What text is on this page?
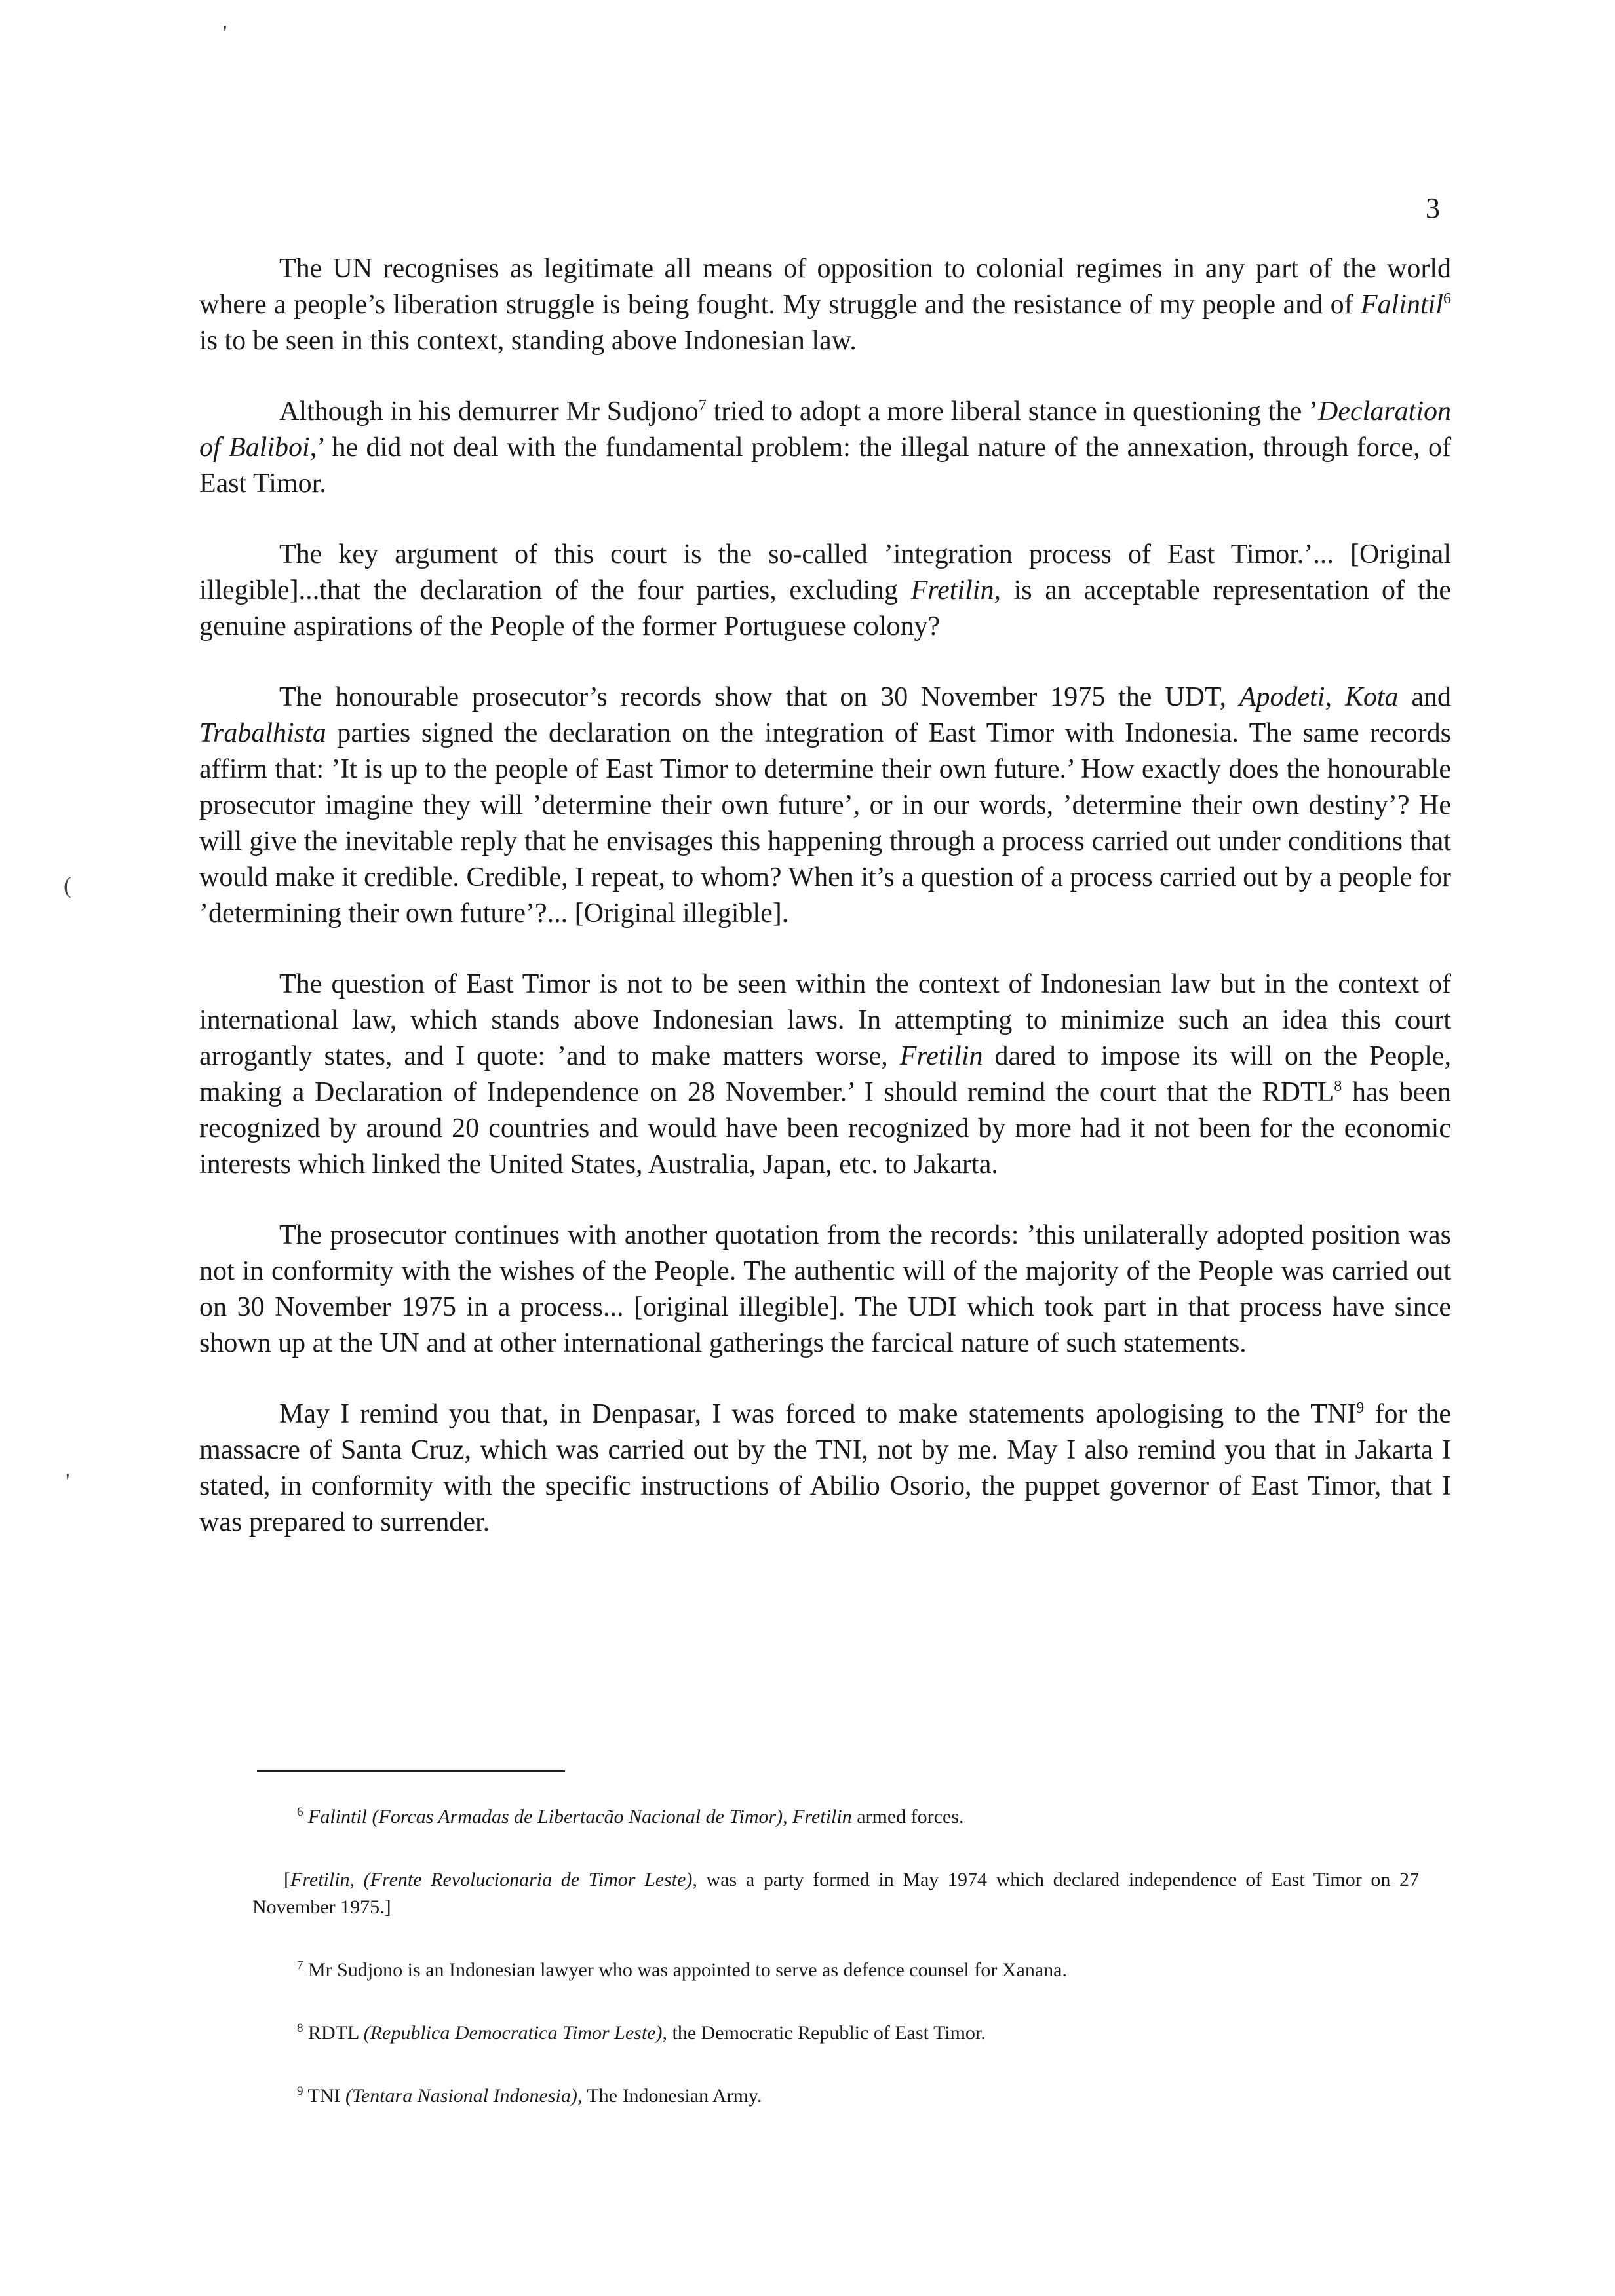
'
3

The UN recognises as legitimate all means of opposition to colonial regimes in any part of the world where a people’s liberation struggle is being fought. My struggle and the resistance of my people and of Falintil$^6$ is to be seen in this context, standing above Indonesian law.

Although in his demurrer Mr Sudjono$^7$ tried to adopt a more liberal stance in questioning the ’Declaration of Baliboi,’ he did not deal with the fundamental problem: the illegal nature of the annexation, through force, of East Timor.

The key argument of this court is the so-called ’integration process of East Timor.’... [Original illegible]...that the declaration of the four parties, excluding Fretilin, is an acceptable representation of the genuine aspirations of the People of the former Portuguese colony?

The honourable prosecutor’s records show that on 30 November 1975 the UDT, Apodeti, Kota and Trabalhista parties signed the declaration on the integration of East Timor with Indonesia. The same records affirm that: ’It is up to the people of East Timor to determine their own future.’ How exactly does the honourable prosecutor imagine they will ’determine their own future’, or in our words, ’determine their own destiny’? He will give the inevitable reply that he envisages this happening through a process carried out under conditions that would make it credible. Credible, I repeat, to whom? When it’s a question of a process carried out by a people for ’determining their own future’?... [Original illegible].

The question of East Timor is not to be seen within the context of Indonesian law but in the context of international law, which stands above Indonesian laws. In attempting to minimize such an idea this court arrogantly states, and I quote: ’and to make matters worse, Fretilin dared to impose its will on the People, making a Declaration of Independence on 28 November.’ I should remind the court that the RDTL$^8$ has been recognized by around 20 countries and would have been recognized by more had it not been for the economic interests which linked the United States, Australia, Japan, etc. to Jakarta.

The prosecutor continues with another quotation from the records: ’this unilaterally adopted position was not in conformity with the wishes of the People. The authentic will of the majority of the People was carried out on 30 November 1975 in a process... [original illegible]. The UDI which took part in that process have since shown up at the UN and at other international gatherings the farcical nature of such statements.

May I remind you that, in Denpasar, I was forced to make statements apologising to the TNI$^9$ for the massacre of Santa Cruz, which was carried out by the TNI, not by me. May I also remind you that in Jakarta I stated, in conformity with the specific instructions of Abilio Osorio, the puppet governor of East Timor, that I was prepared to surrender.

(
'

$^6$ Falintil (Forcas Armadas de Libertacão Nacional de Timor), Fretilin armed forces.

[Fretilin, (Frente Revolucionaria de Timor Leste), was a party formed in May 1974 which declared independence of East Timor on 27 November 1975.]

$^7$ Mr Sudjono is an Indonesian lawyer who was appointed to serve as defence counsel for Xanana.

$^8$ RDTL (Republica Democratica Timor Leste), the Democratic Republic of East Timor.

$^9$ TNI (Tentara Nasional Indonesia), The Indonesian Army.
